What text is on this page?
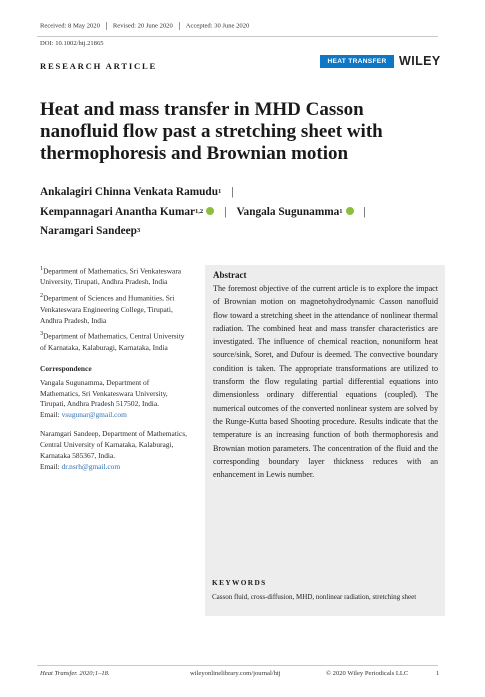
Received: 8 May 2020 Revised: 20 June 2020 Accepted: 30 June 2020
DOI: 10.1002/htj.21865
RESEARCH ARTICLE	HEAT TRANSFER WILEY
Heat and mass transfer in MHD Casson nanofluid flow past a stretching sheet with thermophoresis and Brownian motion
Ankalagiri Chinna Venkata Ramudu$^1$ |
Kempannagari Anantha Kumar$^{1,2}$ | Vangala Sugunamma$^1$ |
Naramgari Sandeep$^3$

$^1$Department of Mathematics, Sri Venkateswara University, Tirupati, Andhra Pradesh, India

$^2$Department of Sciences and Humanities, Sri Venkateswara Engineering College, Tirupati, Andhra Pradesh, India

$^3$Department of Mathematics, Central University of Karnataka, Kalaburagi, Karnataka, India

Correspondence

Vangala Sugunamma, Department of Mathematics, Sri Venkateswara University, Tirupati, Andhra Pradesh 517502, India.
Email: vsugunar@gmail.com

Naramgari Sandeep, Department of Mathematics, Central University of Karnataka, Kalaburagi, Karnataka 585367, India.
Email: dr.nsrh@gmail.com

Abstract
The foremost objective of the current article is to explore the impact of Brownian motion on magnetohydrodynamic Casson nanofluid flow toward a stretching sheet in the attendance of nonlinear thermal radiation. The combined heat and mass transfer characteristics are investigated. The influence of chemical reaction, nonuniform heat source/sink, Soret, and Dufour is deemed. The convective boundary condition is taken. The appropriate transformations are utilized to transform the flow regulating partial differential equations into dimensionless ordinary differential equations (coupled). The numerical outcomes of the converted nonlinear system are solved by the Runge-Kutta based Shooting procedure. Results indicate that the temperature is an increasing function of both thermophoresis and Brownian motion parameters. The concentration of the fluid and the corresponding boundary layer thickness reduces with an enhancement in Lewis number.
KEYWORDS
Casson fluid, cross-diffusion, MHD, nonlinear radiation, stretching sheet
Heat Transfer. 2020;1–18.	wileyonlinelibrary.com/journal/htj	© 2020 Wiley Periodicals LLC	1
